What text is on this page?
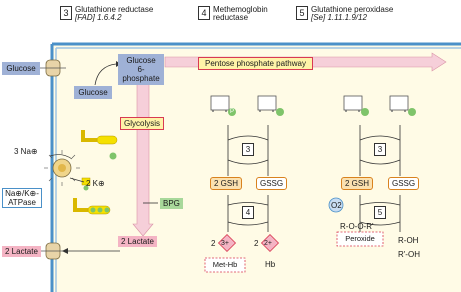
3 Glutathione reductase
[FAD] 1.6.4.2	4 Methemoglobin
reductase	5 Glutathione peroxidase
[Se] 1.11.1.9/12
Glucose
Glucose
Glucose 6-
phosphate
Pentose phosphate pathway
Glycolysis
2 Lactate
2 Lactate
BPG
3 Na⊕
2 K⊕
Na⊕/K⊕-
ATPase
3	3
4	5
2 GSH	GSSG	2 GSH	GSSG
O2
R-O-O-R'
R-OH
R'-OH
Peroxide
Met-Hb	Hb
2	2
3+	2+
P
